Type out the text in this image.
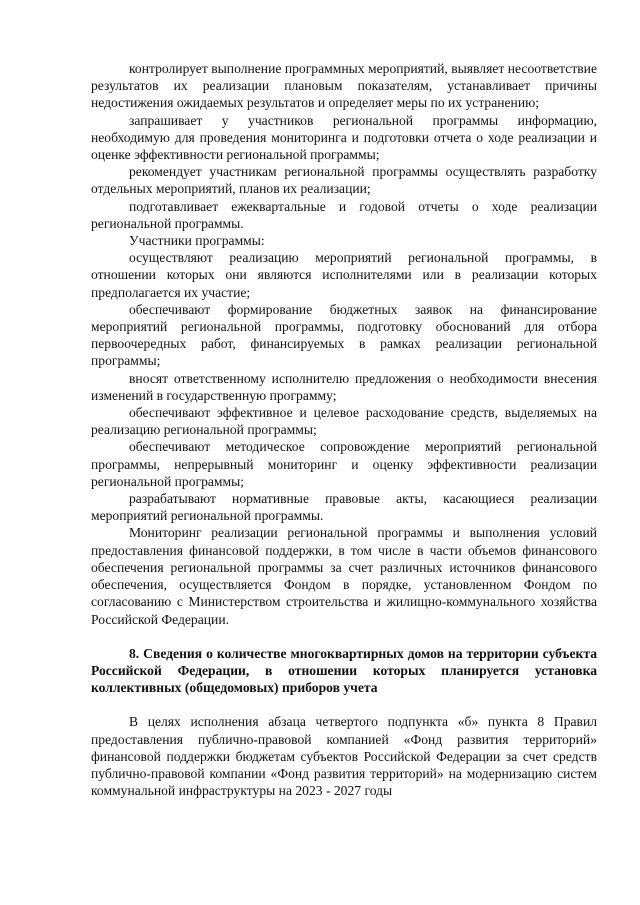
контролирует выполнение программных мероприятий, выявляет несоответствие результатов их реализации плановым показателям, устанавливает причины недостижения ожидаемых результатов и определяет меры по их устранению;

запрашивает у участников региональной программы информацию, необходимую для проведения мониторинга и подготовки отчета о ходе реализации и оценке эффективности региональной программы;

рекомендует участникам региональной программы осуществлять разработку отдельных мероприятий, планов их реализации;

подготавливает ежеквартальные и годовой отчеты о ходе реализации региональной программы.

Участники программы:

осуществляют реализацию мероприятий региональной программы, в отношении которых они являются исполнителями или в реализации которых предполагается их участие;

обеспечивают формирование бюджетных заявок на финансирование мероприятий региональной программы, подготовку обоснований для отбора первоочередных работ, финансируемых в рамках реализации региональной программы;

вносят ответственному исполнителю предложения о необходимости внесения изменений в государственную программу;

обеспечивают эффективное и целевое расходование средств, выделяемых на реализацию региональной программы;

обеспечивают методическое сопровождение мероприятий региональной программы, непрерывный мониторинг и оценку эффективности реализации региональной программы;

разрабатывают нормативные правовые акты, касающиеся реализации мероприятий региональной программы.

Мониторинг реализации региональной программы и выполнения условий предоставления финансовой поддержки, в том числе в части объемов финансового обеспечения региональной программы за счет различных источников финансового обеспечения, осуществляется Фондом в порядке, установленном Фондом по согласованию с Министерством строительства и жилищно-коммунального хозяйства Российской Федерации.

8. Сведения о количестве многоквартирных домов на территории субъекта Российской Федерации, в отношении которых планируется установка коллективных (общедомовых) приборов учета

В целях исполнения абзаца четвертого подпункта «б» пункта 8 Правил предоставления публично-правовой компанией «Фонд развития территорий» финансовой поддержки бюджетам субъектов Российской Федерации за счет средств публично-правовой компании «Фонд развития территорий» на модернизацию систем коммунальной инфраструктуры на 2023 - 2027 годы
